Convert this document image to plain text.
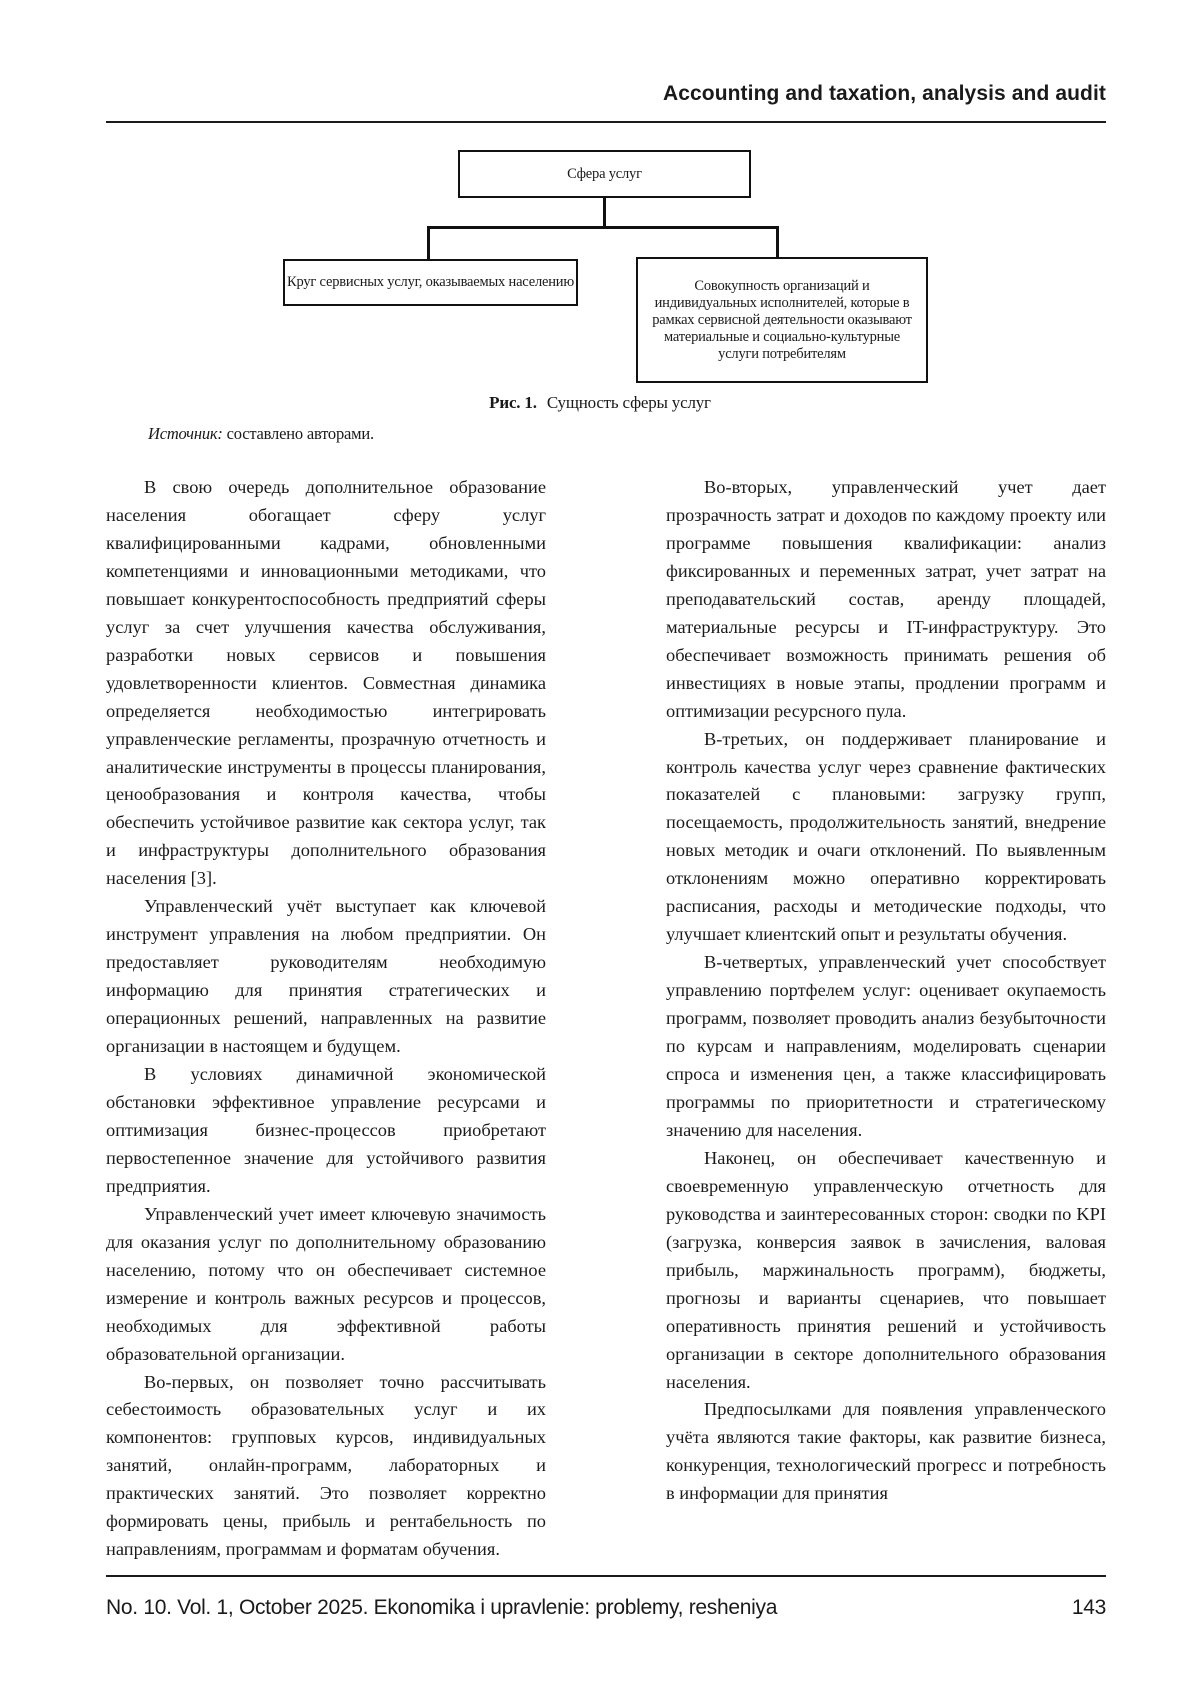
Accounting and taxation, analysis and audit
Сфера услуг
Круг сервисных услуг, оказываемых населению	Совокупность организаций и индивидуальных исполнителей, которые в рамках сервисной деятельности оказывают материальные и социально-культурные услуги потребителям
Рис. 1. Сущность сферы услуг
Источник: составлено авторами.

В свою очередь дополнительное образование населения обогащает сферу услуг квалифицированными кадрами, обновленными компетенциями и инновационными методиками, что повышает конкурентоспособность предприятий сферы услуг за счет улучшения качества обслуживания, разработки новых сервисов и повышения удовлетворенности клиентов. Совместная динамика определяется необходимостью интегрировать управленческие регламенты, прозрачную отчетность и аналитические инструменты в процессы планирования, ценообразования и контроля качества, чтобы обеспечить устойчивое развитие как сектора услуг, так и инфраструктуры дополнительного образования населения [3].

Управленческий учёт выступает как ключевой инструмент управления на любом предприятии. Он предоставляет руководителям необходимую информацию для принятия стратегических и операционных решений, направленных на развитие организации в настоящем и будущем.

В условиях динамичной экономической обстановки эффективное управление ресурсами и оптимизация бизнес-процессов приобретают первостепенное значение для устойчивого развития предприятия.

Управленческий учет имеет ключевую значимость для оказания услуг по дополнительному образованию населению, потому что он обеспечивает системное измерение и контроль важных ресурсов и процессов, необходимых для эффективной работы образовательной организации.

Во-первых, он позволяет точно рассчитывать себестоимость образовательных услуг и их компонентов: групповых курсов, индивидуальных занятий, онлайн-программ, лабораторных и практических занятий. Это позволяет корректно формировать цены, прибыль и рентабельность по направлениям, программам и форматам обучения.

Во-вторых, управленческий учет дает прозрачность затрат и доходов по каждому проекту или программе повышения квалификации: анализ фиксированных и переменных затрат, учет затрат на преподавательский состав, аренду площадей, материальные ресурсы и IT-инфраструктуру. Это обеспечивает возможность принимать решения об инвестициях в новые этапы, продлении программ и оптимизации ресурсного пула.

В-третьих, он поддерживает планирование и контроль качества услуг через сравнение фактических показателей с плановыми: загрузку групп, посещаемость, продолжительность занятий, внедрение новых методик и очаги отклонений. По выявленным отклонениям можно оперативно корректировать расписания, расходы и методические подходы, что улучшает клиентский опыт и результаты обучения.

В-четвертых, управленческий учет способствует управлению портфелем услуг: оценивает окупаемость программ, позволяет проводить анализ безубыточности по курсам и направлениям, моделировать сценарии спроса и изменения цен, а также классифицировать программы по приоритетности и стратегическому значению для населения.

Наконец, он обеспечивает качественную и своевременную управленческую отчетность для руководства и заинтересованных сторон: сводки по KPI (загрузка, конверсия заявок в зачисления, валовая прибыль, маржинальность программ), бюджеты, прогнозы и варианты сценариев, что повышает оперативность принятия решений и устойчивость организации в секторе дополнительного образования населения.

Предпосылками для появления управленческого учёта являются такие факторы, как развитие бизнеса, конкуренция, технологический прогресс и потребность в информации для принятия

No. 10. Vol. 1, October 2025. Ekonomika i upravlenie: problemy, resheniya	143
